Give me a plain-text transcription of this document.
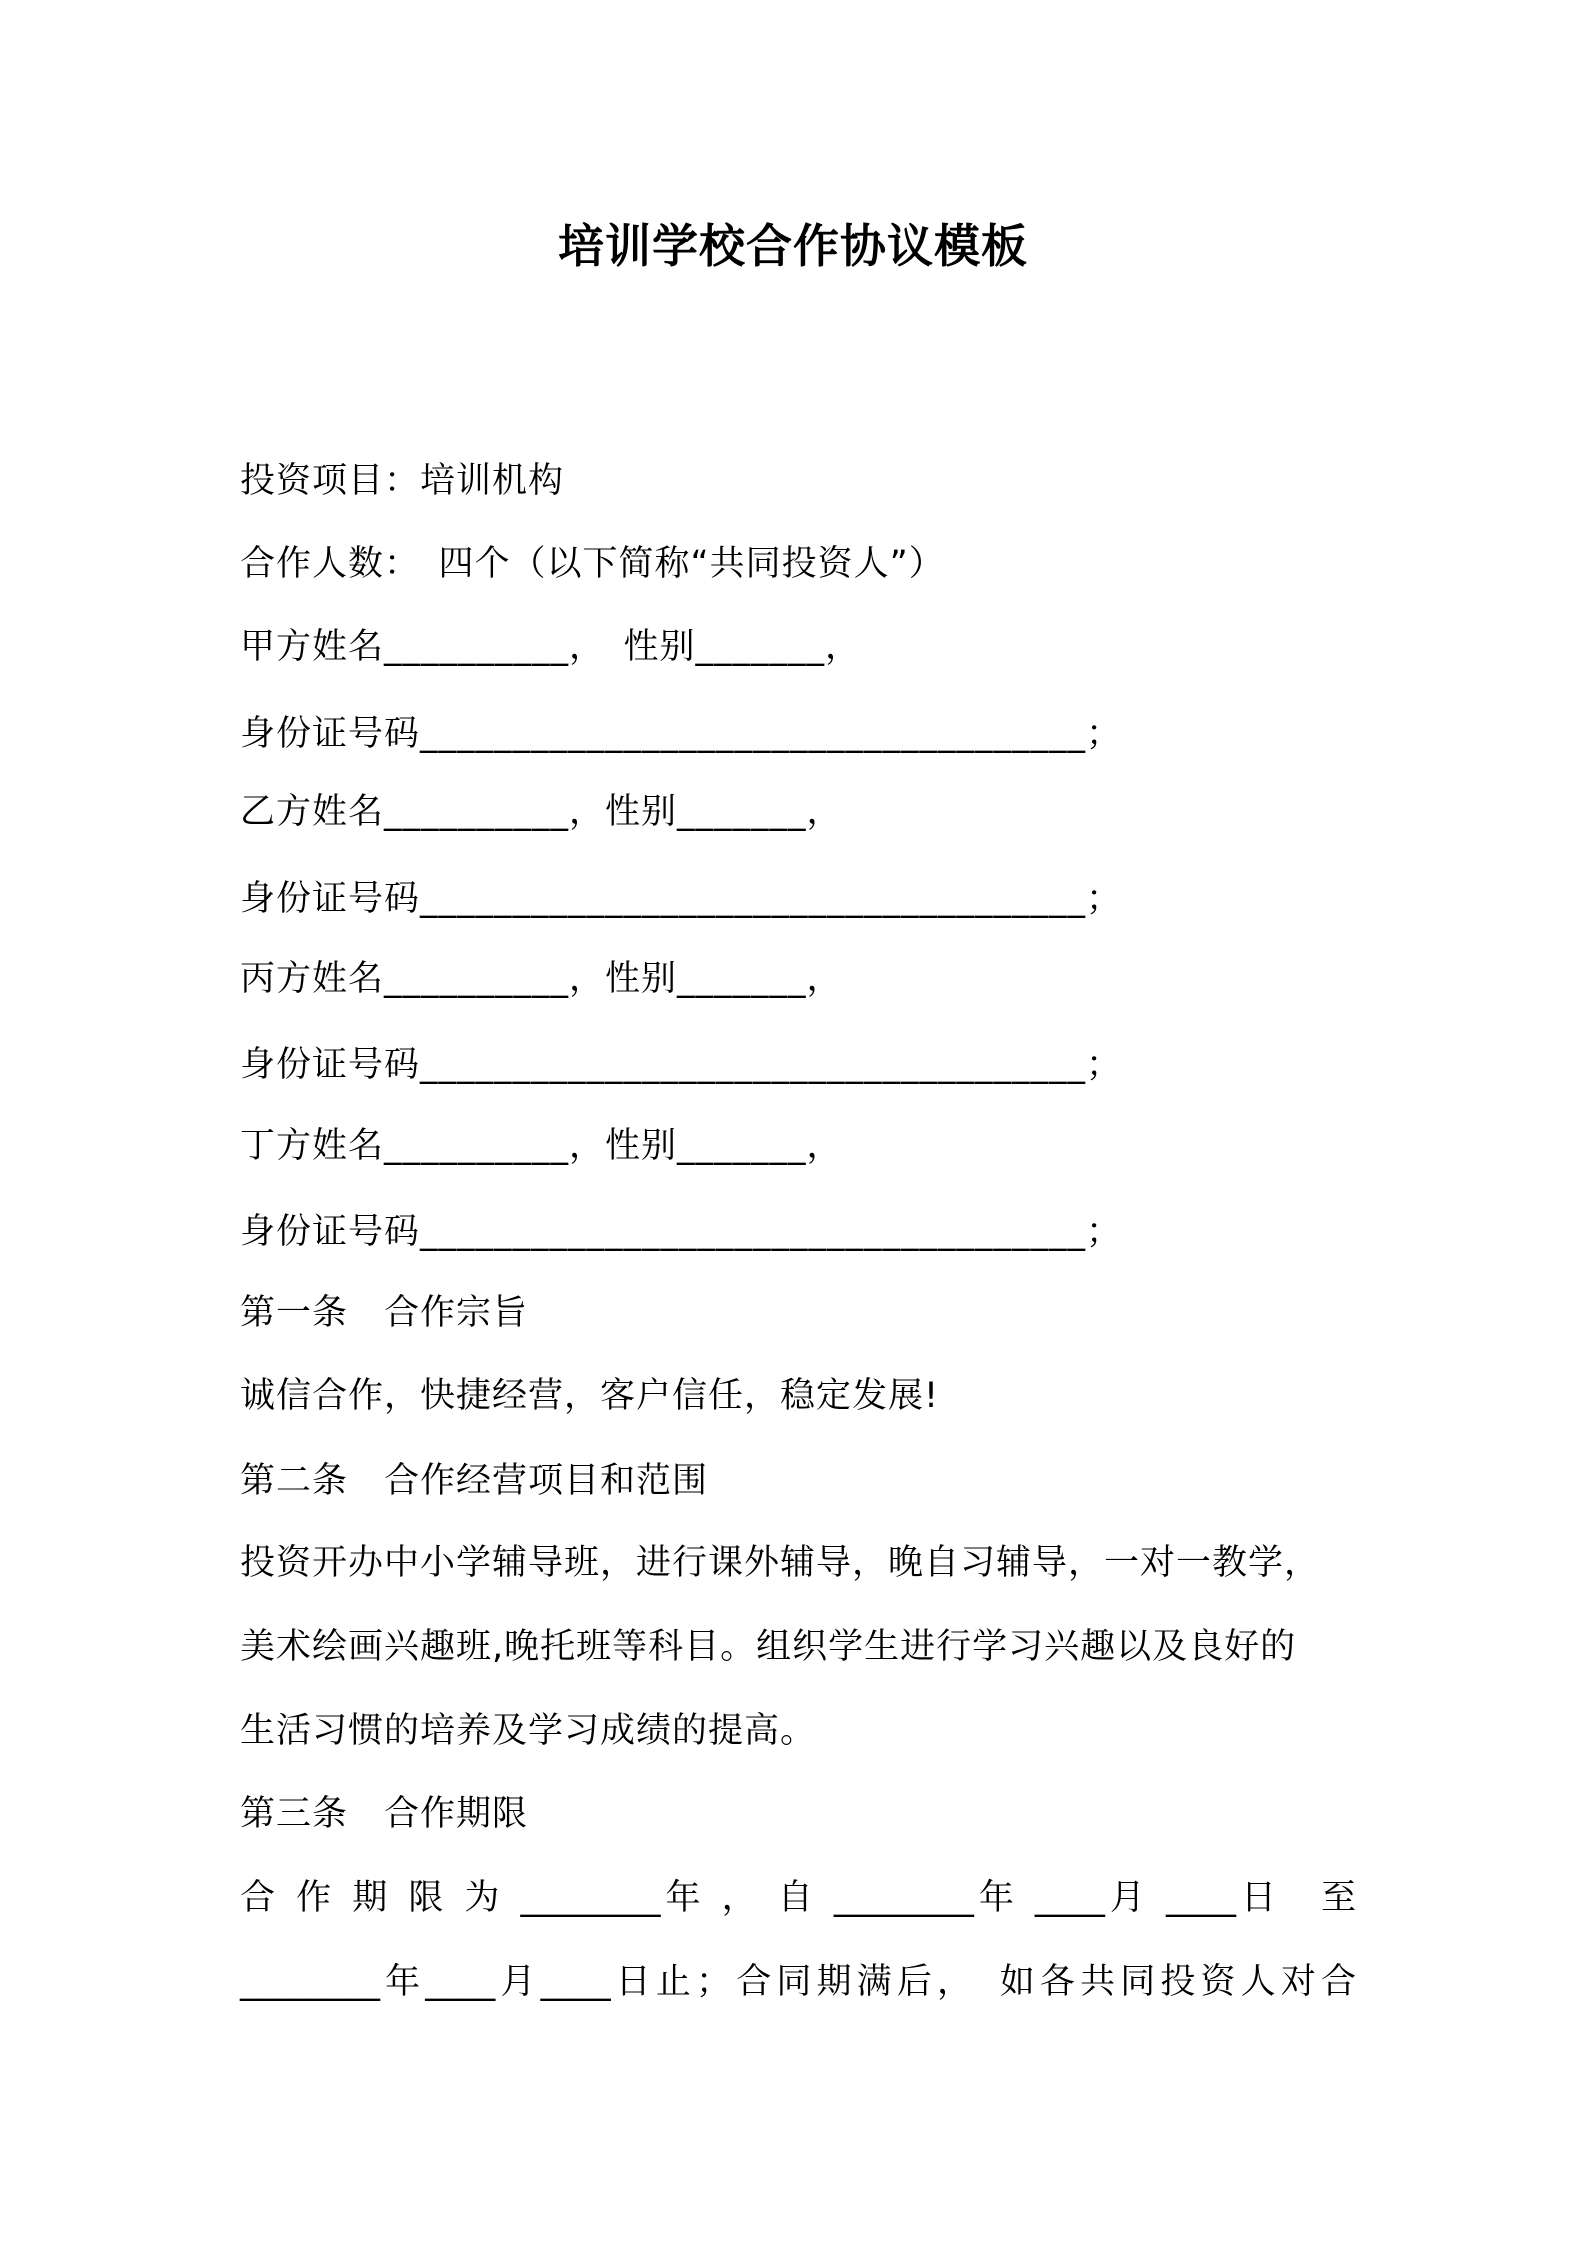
培训学校合作协议模板
投资项目：培训机构
合作人数：　四个（以下简称“共同投资人”）
甲方姓名__________，　性别_______，
身份证号码____________________________________；
乙方姓名__________，性别_______，
身份证号码____________________________________；
丙方姓名__________，性别_______，
身份证号码____________________________________；
丁方姓名__________，性别_______，
身份证号码____________________________________；
第一条　合作宗旨
诚信合作，快捷经营，客户信任，稳定发展!
第二条　合作经营项目和范围
投资开办中小学辅导班，进行课外辅导，晚自习辅导，一对一教学，
美术绘画兴趣班,晚托班等科目。组织学生进行学习兴趣以及良好的
生活习惯的培养及学习成绩的提高。
第三条　合作期限
合 作 期 限 为 ________年 ， 自 ________年 ____月 ____日　至
________年____月____日止；合同期满后，　如各共同投资人对合
